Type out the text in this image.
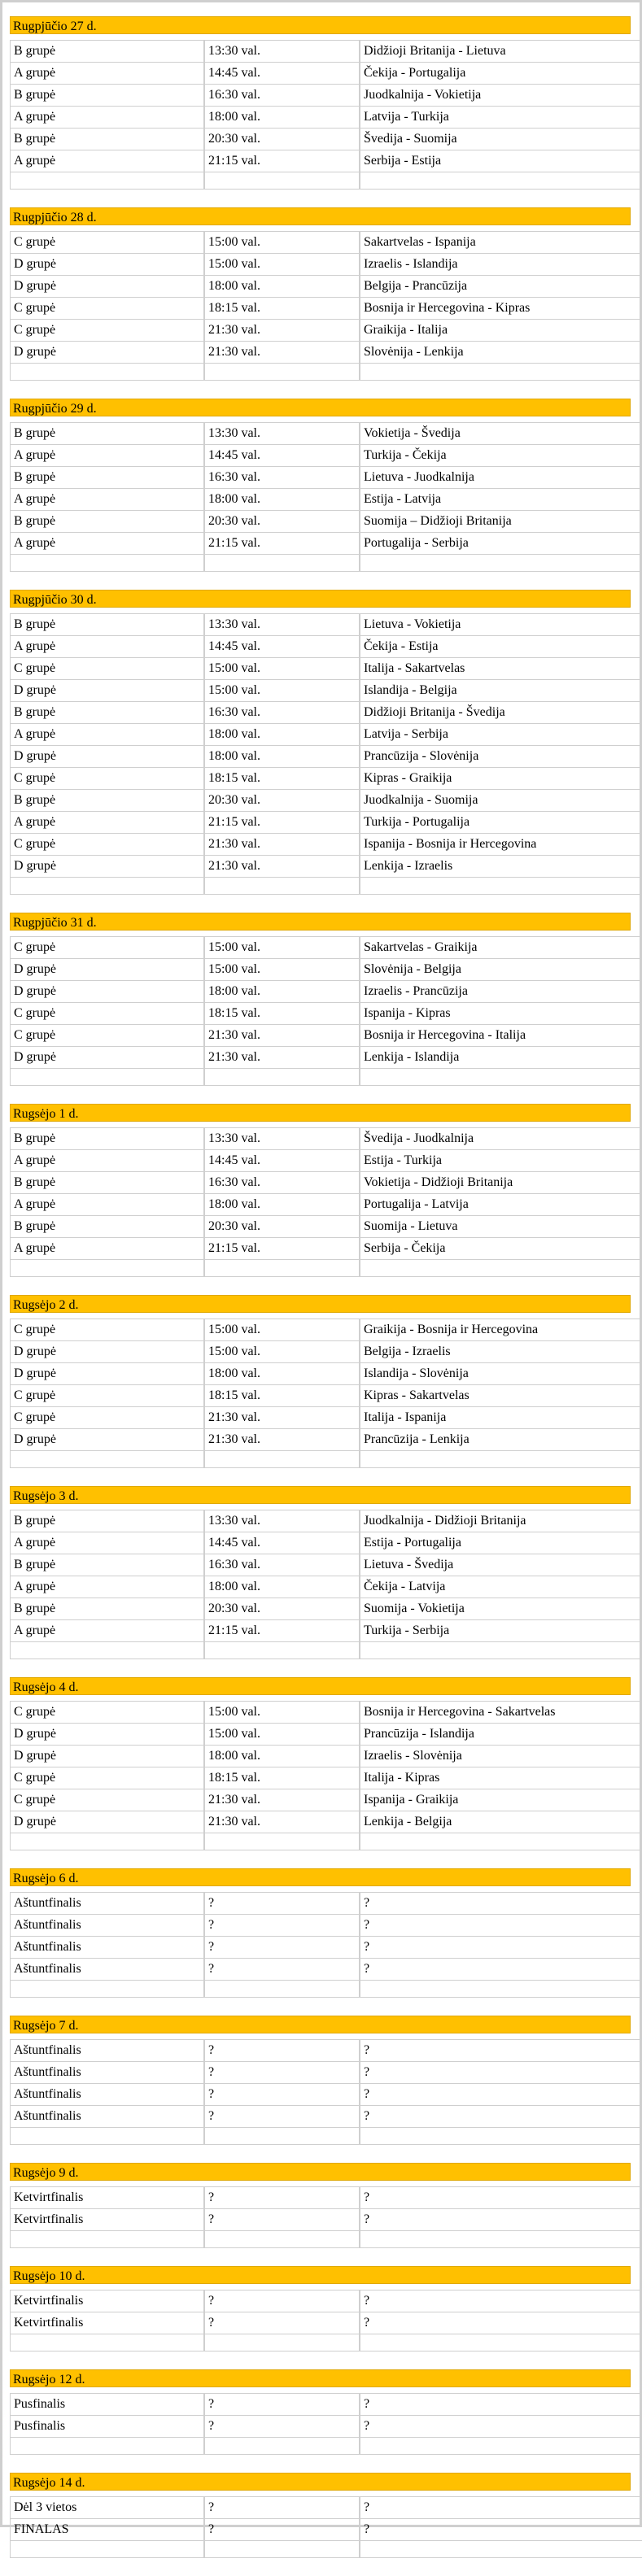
Rugpjūčio 27 d.
B grupė	13:30 val.	Didžioji Britanija - Lietuva
A grupė	14:45 val.	Čekija - Portugalija
B grupė	16:30 val.	Juodkalnija - Vokietija
A grupė	18:00 val.	Latvija - Turkija
B grupė	20:30 val.	Švedija - Suomija
A grupė	21:15 val.	Serbija - Estija

Rugpjūčio 28 d.
C grupė	15:00 val.	Sakartvelas - Ispanija
D grupė	15:00 val.	Izraelis - Islandija
D grupė	18:00 val.	Belgija - Prancūzija
C grupė	18:15 val.	Bosnija ir Hercegovina - Kipras
C grupė	21:30 val.	Graikija - Italija
D grupė	21:30 val.	Slovėnija - Lenkija

Rugpjūčio 29 d.
B grupė	13:30 val.	Vokietija - Švedija
A grupė	14:45 val.	Turkija - Čekija
B grupė	16:30 val.	Lietuva - Juodkalnija
A grupė	18:00 val.	Estija - Latvija
B grupė	20:30 val.	Suomija – Didžioji Britanija
A grupė	21:15 val.	Portugalija - Serbija

Rugpjūčio 30 d.
B grupė	13:30 val.	Lietuva - Vokietija
A grupė	14:45 val.	Čekija - Estija
C grupė	15:00 val.	Italija - Sakartvelas
D grupė	15:00 val.	Islandija - Belgija
B grupė	16:30 val.	Didžioji Britanija - Švedija
A grupė	18:00 val.	Latvija - Serbija
D grupė	18:00 val.	Prancūzija - Slovėnija
C grupė	18:15 val.	Kipras - Graikija
B grupė	20:30 val.	Juodkalnija - Suomija
A grupė	21:15 val.	Turkija - Portugalija
C grupė	21:30 val.	Ispanija - Bosnija ir Hercegovina
D grupė	21:30 val.	Lenkija - Izraelis

Rugpjūčio 31 d.
C grupė	15:00 val.	Sakartvelas - Graikija
D grupė	15:00 val.	Slovėnija - Belgija
D grupė	18:00 val.	Izraelis - Prancūzija
C grupė	18:15 val.	Ispanija - Kipras
C grupė	21:30 val.	Bosnija ir Hercegovina - Italija
D grupė	21:30 val.	Lenkija - Islandija

Rugsėjo 1 d.
B grupė	13:30 val.	Švedija - Juodkalnija
A grupė	14:45 val.	Estija - Turkija
B grupė	16:30 val.	Vokietija - Didžioji Britanija
A grupė	18:00 val.	Portugalija - Latvija
B grupė	20:30 val.	Suomija - Lietuva
A grupė	21:15 val.	Serbija - Čekija

Rugsėjo 2 d.
C grupė	15:00 val.	Graikija - Bosnija ir Hercegovina
D grupė	15:00 val.	Belgija - Izraelis
D grupė	18:00 val.	Islandija - Slovėnija
C grupė	18:15 val.	Kipras - Sakartvelas
C grupė	21:30 val.	Italija - Ispanija
D grupė	21:30 val.	Prancūzija - Lenkija

Rugsėjo 3 d.
B grupė	13:30 val.	Juodkalnija - Didžioji Britanija
A grupė	14:45 val.	Estija - Portugalija
B grupė	16:30 val.	Lietuva - Švedija
A grupė	18:00 val.	Čekija - Latvija
B grupė	20:30 val.	Suomija - Vokietija
A grupė	21:15 val.	Turkija - Serbija

Rugsėjo 4 d.
C grupė	15:00 val.	Bosnija ir Hercegovina - Sakartvelas
D grupė	15:00 val.	Prancūzija - Islandija
D grupė	18:00 val.	Izraelis - Slovėnija
C grupė	18:15 val.	Italija - Kipras
C grupė	21:30 val.	Ispanija - Graikija
D grupė	21:30 val.	Lenkija - Belgija

Rugsėjo 6 d.
Aštuntfinalis	?	?
Aštuntfinalis	?	?
Aštuntfinalis	?	?
Aštuntfinalis	?	?

Rugsėjo 7 d.
Aštuntfinalis	?	?
Aštuntfinalis	?	?
Aštuntfinalis	?	?
Aštuntfinalis	?	?

Rugsėjo 9 d.
Ketvirtfinalis	?	?
Ketvirtfinalis	?	?

Rugsėjo 10 d.
Ketvirtfinalis	?	?
Ketvirtfinalis	?	?

Rugsėjo 12 d.
Pusfinalis	?	?
Pusfinalis	?	?

Rugsėjo 14 d.
Dėl 3 vietos	?	?
FINALAS	?	?
